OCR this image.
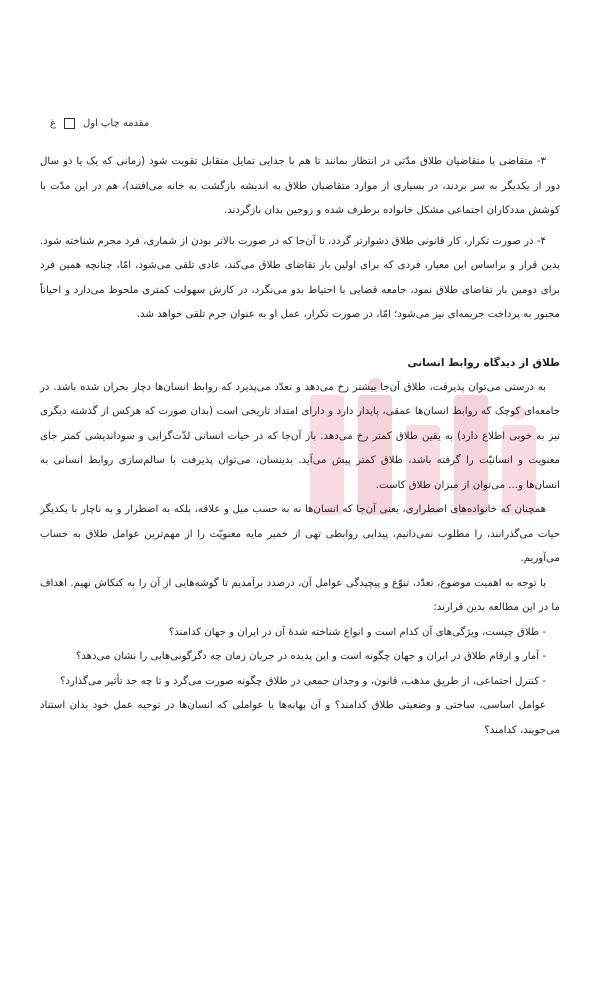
غ	مقدمه چاپ اول

۳- متقاضی یا متقاضیان طلاق مدّتی در انتظار بمانند تا هم با جدایی تمایل متقابل تقویت شود (زمانی که یک یا دو سال دور از یکدیگر به سر بردند، در بسیاری از موارد متقاضیان طلاق به اندیشه بازگشت به خانه می‌افتند)، هم در این مدّت با کوشش مددکاران اجتماعی مشکل خانواده برطرف شده و زوجین بدان بازگردند.

۴- در صورت تکرار، کار قانونی طلاق دشوارتر گردد، تا آن‌جا که در صورت بالاتر بودن از شماری، فرد مجرم شناخته شود. بدین قرار و براساس این معیار، فردی که برای اولین بار تقاضای طلاق می‌کند، عادی تلقی می‌شود، امّا، چنانچه همین فرد برای دومین بار تقاضای طلاق نمود، جامعه قضایی با احتیاط بدو می‌نگرد، در کارش سهولت کمتری ملحوظ می‌دارد و احیاناً مجبور به پرداخت جریمه‌ای نیز می‌شود؛ امّا، در صورت تکرار، عمل او به عنوان جرم تلقی خواهد شد.

طلاق از دیدگاه روابط انسانی

به درستی می‌توان پذیرفت، طلاق آن‌جا بیشتر رخ می‌دهد و تعدّد می‌پذیرد که روابط انسان‌ها دچار بحران شده باشد. در جامعه‌ای کوچک که روابط انسان‌ها عمقی، پایدار دارد و دارای امتداد تاریخی است (بدان صورت که هرکس از گذشته دیگری نیز به خوبی اطلاع دارد) به یقین طلاق کمتر رخ می‌دهد. باز آن‌جا که در حیات انسانی لذّت‌گرایی و سوداندیشی کمتر جای معنویت و انسانیّت را گرفته باشد، طلاق کمتر پیش می‌آید. بدینسان، می‌توان پذیرفت با سالم‌سازی روابط انسانی به انسان‌ها و... می‌توان از میزان طلاق کاست.

همچنان که خانواده‌های اضطراری، یعنی آن‌جا که انسان‌ها نه به حسب میل و علاقه، بلکه به اضطرار و به ناچار با یکدیگر حیات می‌گذرانند، را مطلوب نمی‌دانیم، پیدایی روابطی تهی از خمیر مایه معنویّت را از مهم‌ترین عوامل طلاق به حساب می‌آوریم.

با توجه به اهمیت موضوع، تعدّد، تنوّع و پیچیدگی عوامل آن، درصدد برآمدیم تا گوشه‌هایی از آن را به کنکاش نهیم. اهداف ما در این مطالعه بدین قرارند:

- طلاق چیست، ویژگی‌های آن کدام است و انواع شناخته شدهٔ آن در ایران و جهان کدامند؟

- آمار و ارقام طلاق در ایران و جهان چگونه است و این پدیده در جریان زمان چه دگرگونی‌هایی را نشان می‌دهد؟

- کنترل اجتماعی، از طریق مذهب، قانون، و وجدان جمعی در طلاق چگونه صورت می‌گرد و تا چه حد تأثیر می‌گذارد؟

عوامل اساسی، ساختی و وضعیتی طلاق کدامند؟ و آن بهانه‌ها یا عواملی که انسان‌ها در توجیه عمل خود بدان استناد می‌جویند، کدامند؟
